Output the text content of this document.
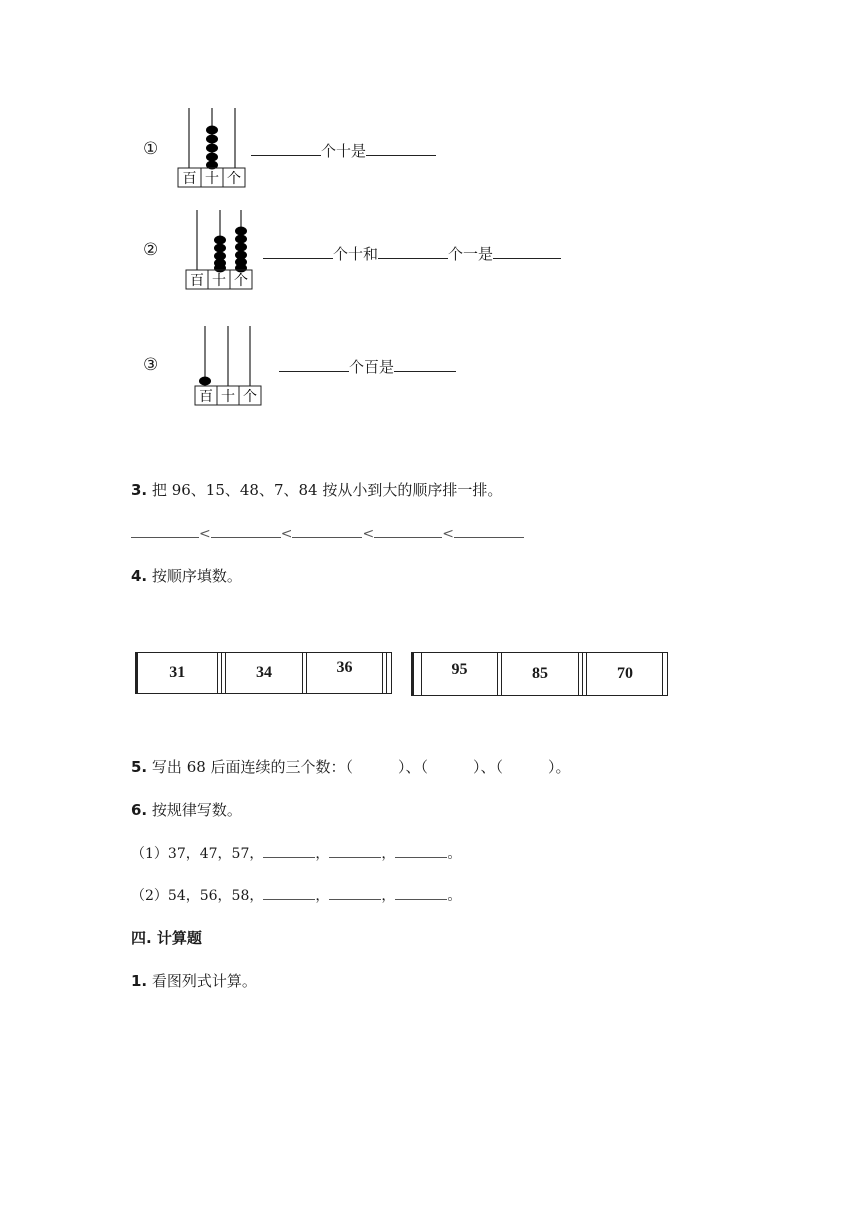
①
百 十 个
个十是
②
百 十 个
个十和	个一是
③
百 十 个
个百是
3. 把 96、15、48、7、84 按从小到大的顺序排一排。
<	<	<	<
4. 按顺序填数。
31			34		36		
		95		85			70	
5. 写出 68 后面连续的三个数：（　　　）、（　　　）、（　　　）。
6. 按规律写数。
（1）37，47，57，	，	，	。
（2）54，56，58，	，	，	。
四. 计算题
1. 看图列式计算。
